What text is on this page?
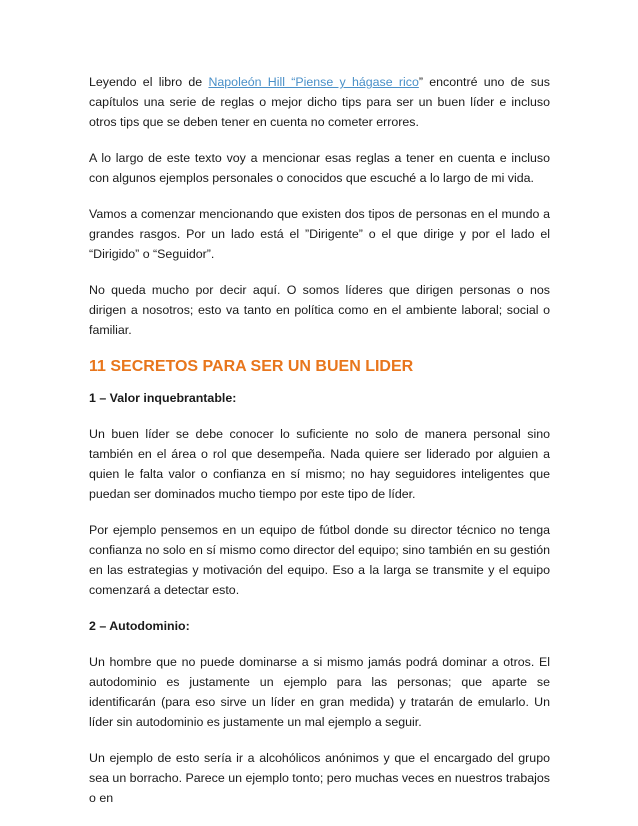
Leyendo el libro de Napoleón Hill “Piense y hágase rico” encontré uno de sus capítulos una serie de reglas o mejor dicho tips para ser un buen líder e incluso otros tips que se deben tener en cuenta no cometer errores.

A lo largo de este texto voy a mencionar esas reglas a tener en cuenta e incluso con algunos ejemplos personales o conocidos que escuché a lo largo de mi vida.

Vamos a comenzar mencionando que existen dos tipos de personas en el mundo a grandes rasgos. Por un lado está el ”Dirigente” o el que dirige y por el lado el “Dirigido” o “Seguidor”.

No queda mucho por decir aquí. O somos líderes que dirigen personas o nos dirigen a nosotros; esto va tanto en política como en el ambiente laboral; social o familiar.

11 SECRETOS PARA SER UN BUEN LIDER

1 – Valor inquebrantable:

Un buen líder se debe conocer lo suficiente no solo de manera personal sino también en el área o rol que desempeña. Nada quiere ser liderado por alguien a quien le falta valor o confianza en sí mismo; no hay seguidores inteligentes que puedan ser dominados mucho tiempo por este tipo de líder.

Por ejemplo pensemos en un equipo de fútbol donde su director técnico no tenga confianza no solo en sí mismo como director del equipo; sino también en su gestión en las estrategias y motivación del equipo. Eso a la larga se transmite y el equipo comenzará a detectar esto.

2 – Autodominio:

Un hombre que no puede dominarse a si mismo jamás podrá dominar a otros. El autodominio es justamente un ejemplo para las personas; que aparte se identificarán (para eso sirve un líder en gran medida) y tratarán de emularlo. Un líder sin autodominio es justamente un mal ejemplo a seguir.

Un ejemplo de esto sería ir a alcohólicos anónimos y que el encargado del grupo sea un borracho. Parece un ejemplo tonto; pero muchas veces en nuestros trabajos o en
